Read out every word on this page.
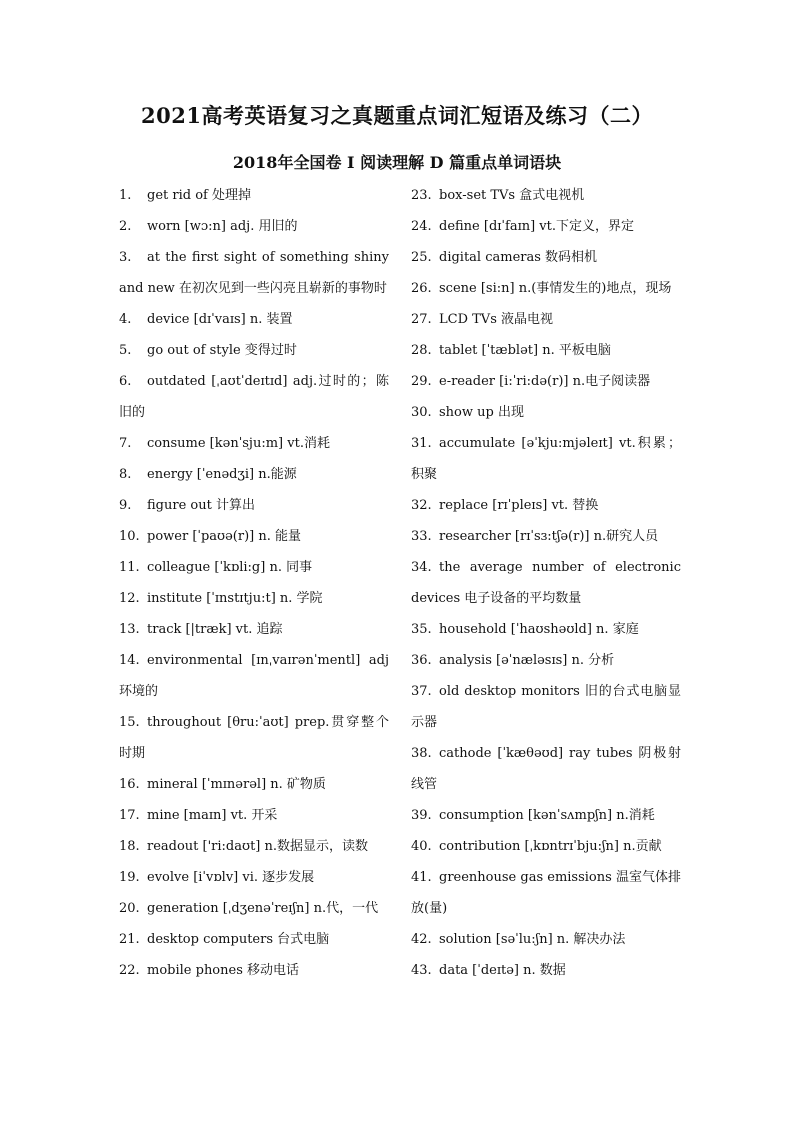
2021高考英语复习之真题重点词汇短语及练习（二）
2018年全国卷 I 阅读理解 D 篇重点单词语块
1. get rid of 处理掉
2. worn [wɔ:n] adj. 用旧的
3. at the first sight of something shiny and new 在初次见到一些闪亮且崭新的事物时
4. device [dɪˈvaɪs] n. 装置
5. go out of style 变得过时
6. outdated [ˌaʊtˈdeɪtɪd] adj.过时的；陈旧的
7. consume [kənˈsju:m] vt.消耗
8. energy [ˈenədʒi] n.能源
9. figure out 计算出
10. power [ˈpaʊə(r)] n. 能量
11. colleague [ˈkɒli:g] n. 同事
12. institute [ˈɪnstɪtju:t] n. 学院
13. track [|træk] vt. 追踪
14. environmental [ɪnˌvaɪrənˈmentl] adj环境的
15. throughout [θru:ˈaʊt] prep.贯穿整个时期
16. mineral [ˈmɪnərəl] n. 矿物质
17. mine [maɪn] vt. 开采
18. readout ['ri:daʊt] n.数据显示，读数
19. evolve [iˈvɒlv] vi. 逐步发展
20. generation [ˌdʒenəˈreɪʃn] n.代，一代
21. desktop computers 台式电脑
22. mobile phones 移动电话
23. box-set TVs 盒式电视机
24. define [dɪˈfaɪn] vt.下定义，界定
25. digital cameras 数码相机
26. scene [si:n] n.(事情发生的)地点，现场
27. LCD TVs 液晶电视
28. tablet [ˈtæblət] n. 平板电脑
29. e-reader [i:ˈri:də(r)] n.电子阅读器
30. show up 出现
31. accumulate [əˈkju:mjəleɪt] vt.积累；积聚
32. replace [rɪˈpleɪs] vt. 替换
33. researcher [rɪˈsɜ:tʃə(r)] n.研究人员
34. the average number of electronic devices 电子设备的平均数量
35. household [ˈhaʊshəʊld] n. 家庭
36. analysis [əˈnæləsɪs] n. 分析
37. old desktop monitors 旧的台式电脑显示器
38. cathode [ˈkæθəʊd] ray tubes 阴极射线管
39. consumption [kənˈsʌmpʃn] n.消耗
40. contribution [ˌkɒntrɪˈbju:ʃn] n.贡献
41. greenhouse gas emissions 温室气体排放(量)
42. solution [səˈlu:ʃn] n. 解决办法
43. data [ˈdeɪtə] n. 数据
